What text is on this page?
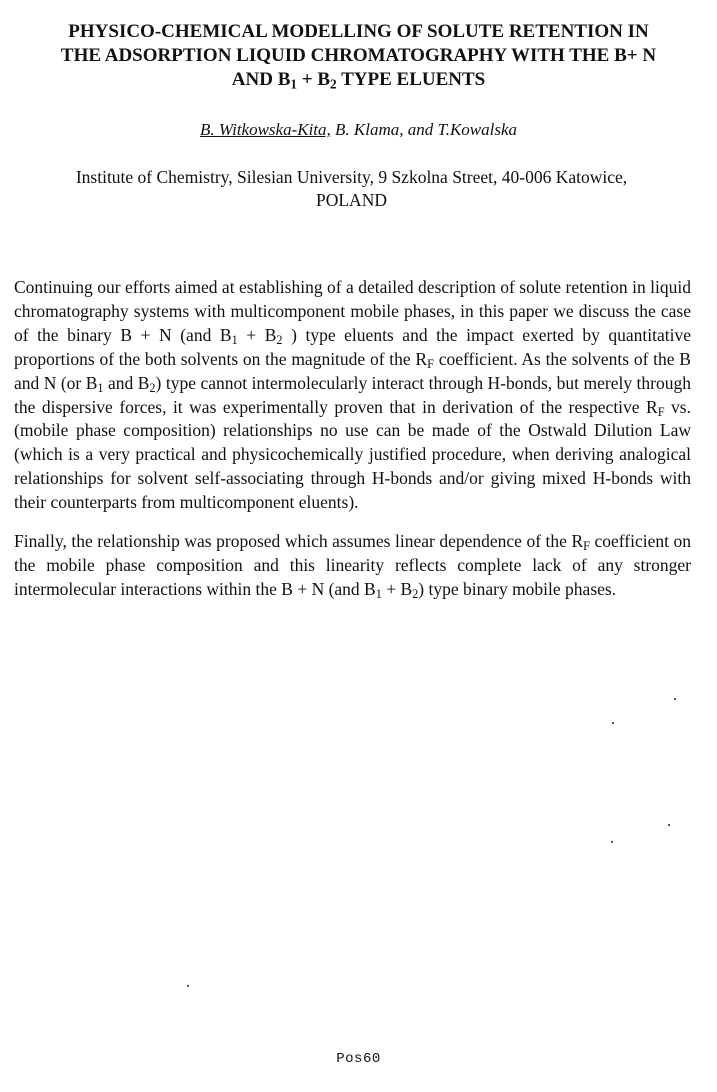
PHYSICO-CHEMICAL MODELLING OF SOLUTE RETENTION IN
THE ADSORPTION LIQUID CHROMATOGRAPHY WITH THE B+ N
AND $B_1 + B_2$ TYPE ELUENTS
B. Witkowska-Kita, B. Klama, and T.Kowalska
Institute of Chemistry, Silesian University, 9 Szkolna Street, 40-006 Katowice,
POLAND

Continuing our efforts aimed at establishing of a detailed description of solute retention in liquid chromatography systems with multicomponent mobile phases, in this paper we discuss the case of the binary B + N (and $B_1 + B_2$ ) type eluents and the impact exerted by quantitative proportions of the both solvents on the magnitude of the $R_F$ coefficient. As the solvents of the B and N (or $B_1$ and $B_2$) type cannot intermolecularly interact through H-bonds, but merely through the dispersive forces, it was experimentally proven that in derivation of the respective $R_F$ vs. (mobile phase composition) relationships no use can be made of the Ostwald Dilution Law (which is a very practical and physicochemically justified procedure, when deriving analogical relationships for solvent self-associating through H-bonds and/or giving mixed H-bonds with their counterparts from multicomponent eluents).

Finally, the relationship was proposed which assumes linear dependence of the $R_F$ coefficient on the mobile phase composition and this linearity reflects complete lack of any stronger intermolecular interactions within the B + N (and $B_1 + B_2$) type binary mobile phases.

Pos60
